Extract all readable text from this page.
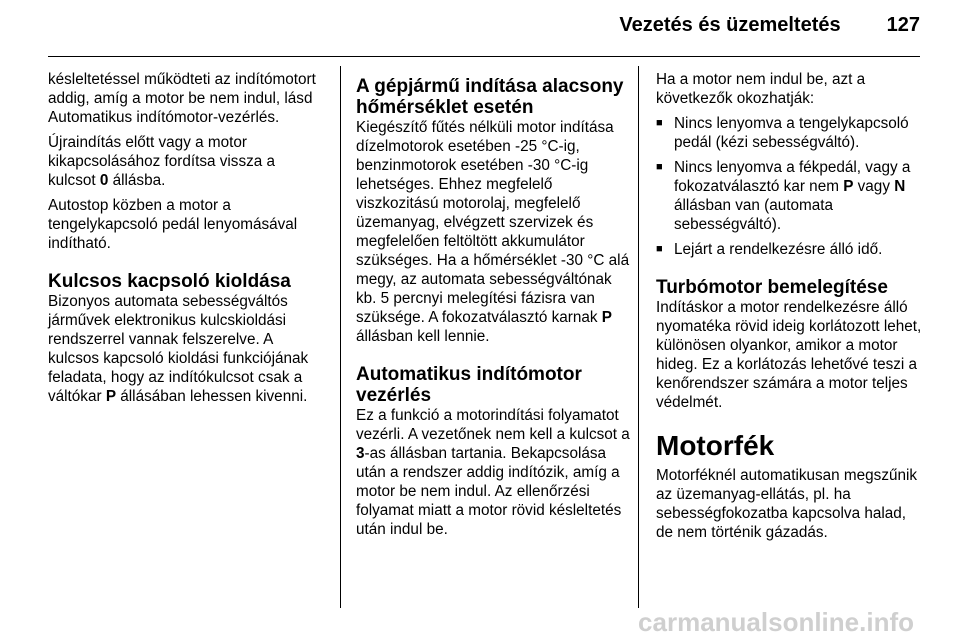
Vezetés és üzemeltetés 127

késleltetéssel működteti az indítómotort addig, amíg a motor be nem indul, lásd Automatikus indítómotor-vezérlés.

Újraindítás előtt vagy a motor kikapcsolásához fordítsa vissza a kulcsot 0 állásba.

Autostop közben a motor a tengelykapcsoló pedál lenyomásával indítható.

Kulcsos kacpsoló kioldása

Bizonyos automata sebességváltós járművek elektronikus kulcskioldási rendszerrel vannak felszerelve. A kulcsos kapcsoló kioldási funkciójának feladata, hogy az indítókulcsot csak a váltókar P állásában lehessen kivenni.

A gépjármű indítása alacsony hőmérséklet esetén

Kiegészítő fűtés nélküli motor indítása dízelmotorok esetében -25 °C-ig, benzinmotorok esetében -30 °C-ig lehetséges. Ehhez megfelelő viszkozitású motorolaj, megfelelő üzemanyag, elvégzett szervizek és megfelelően feltöltött akkumulátor szükséges. Ha a hőmérséklet -30 °C alá megy, az automata sebességváltónak kb. 5 percnyi melegítési fázisra van szüksége. A fokozatválasztó karnak P állásban kell lennie.

Automatikus indítómotor vezérlés

Ez a funkció a motorindítási folyamatot vezérli. A vezetőnek nem kell a kulcsot a 3-as állásban tartania. Bekapcsolása után a rendszer addig indítózik, amíg a motor be nem indul. Az ellenőrzési folyamat miatt a motor rövid késleltetés után indul be.

Ha a motor nem indul be, azt a következők okozhatják:

■ Nincs lenyomva a tengelykapcsoló pedál (kézi sebességváltó).
■ Nincs lenyomva a fékpedál, vagy a fokozatválasztó kar nem P vagy N állásban van (automata sebességváltó).
■ Lejárt a rendelkezésre álló idő.
Turbómotor bemelegítése

Indításkor a motor rendelkezésre álló nyomatéka rövid ideig korlátozott lehet, különösen olyankor, amikor a motor hideg. Ez a korlátozás lehetővé teszi a kenőrendszer számára a motor teljes védelmét.

Motorfék

Motorféknél automatikusan megszűnik az üzemanyag-ellátás, pl. ha sebességfokozatba kapcsolva halad, de nem történik gázadás.

carmanualsonline.info
